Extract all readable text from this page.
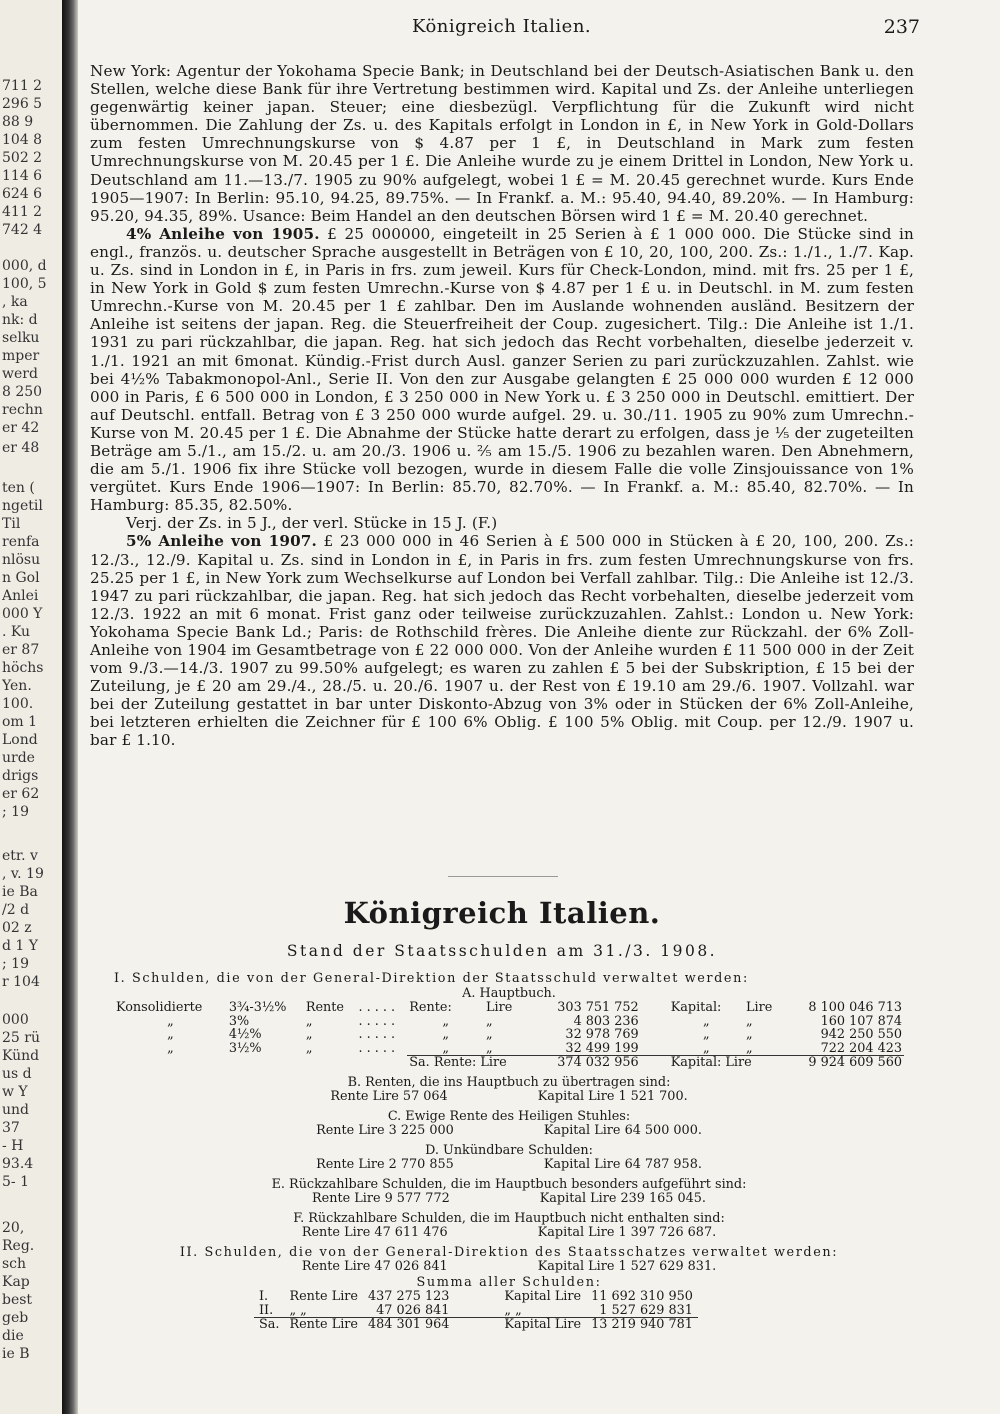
711 2
296 5
88 9
104 8
502 2
114 6
624 6
411 2
742 4
000, d
100, 5
, ka
nk: d
selku
mper
werd
8 250
rechn
er 42
er 48
ten (
ngetil
Til
renfa
nlösu
n Gol
Anlei
000 Y
. Ku
er 87
höchs
Yen.
100.
om 1
Lond
urde
drigs
er 62
; 19
etr. v
, v. 19
ie Ba
/2 d
02 z
d 1 Y
; 19
r 104
000
25 rü
Künd
us d
w Y
und
37
- H
93.4
5- 1
20,
Reg.
sch
Kap
best
geb
die
ie B
Königreich Italien.	237

New York: Agentur der Yokohama Specie Bank; in Deutschland bei der Deutsch-Asiatischen Bank u. den Stellen, welche diese Bank für ihre Vertretung bestimmen wird. Kapital und Zs. der Anleihe unterliegen gegenwärtig keiner japan. Steuer; eine diesbezügl. Verpflichtung für die Zukunft wird nicht übernommen. Die Zahlung der Zs. u. des Kapitals erfolgt in London in £, in New York in Gold-Dollars zum festen Umrechnungskurse von $ 4.87 per 1 £, in Deutschland in Mark zum festen Umrechnungskurse von M. 20.45 per 1 £. Die Anleihe wurde zu je einem Drittel in London, New York u. Deutschland am 11.—13./7. 1905 zu 90% aufgelegt, wobei 1 £ = M. 20.45 gerechnet wurde. Kurs Ende 1905—1907: In Berlin: 95.10, 94.25, 89.75%. — In Frankf. a. M.: 95.40, 94.40, 89.20%. — In Hamburg: 95.20, 94.35, 89%. Usance: Beim Handel an den deutschen Börsen wird 1 £ = M. 20.40 gerechnet.

4% Anleihe von 1905. £ 25 000000, eingeteilt in 25 Serien à £ 1 000 000. Die Stücke sind in engl., französ. u. deutscher Sprache ausgestellt in Beträgen von £ 10, 20, 100, 200. Zs.: 1./1., 1./7. Kap. u. Zs. sind in London in £, in Paris in frs. zum jeweil. Kurs für Check-London, mind. mit frs. 25 per 1 £, in New York in Gold $ zum festen Umrechn.-Kurse von $ 4.87 per 1 £ u. in Deutschl. in M. zum festen Umrechn.-Kurse von M. 20.45 per 1 £ zahlbar. Den im Auslande wohnenden ausländ. Besitzern der Anleihe ist seitens der japan. Reg. die Steuerfreiheit der Coup. zugesichert. Tilg.: Die Anleihe ist 1./1. 1931 zu pari rückzahlbar, die japan. Reg. hat sich jedoch das Recht vorbehalten, dieselbe jederzeit v. 1./1. 1921 an mit 6monat. Kündig.-Frist durch Ausl. ganzer Serien zu pari zurückzuzahlen. Zahlst. wie bei 4½% Tabakmonopol-Anl., Serie II. Von den zur Ausgabe gelangten £ 25 000 000 wurden £ 12 000 000 in Paris, £ 6 500 000 in London, £ 3 250 000 in New York u. £ 3 250 000 in Deutschl. emittiert. Der auf Deutschl. entfall. Betrag von £ 3 250 000 wurde aufgel. 29. u. 30./11. 1905 zu 90% zum Umrechn.-Kurse von M. 20.45 per 1 £. Die Abnahme der Stücke hatte derart zu erfolgen, dass je ⅕ der zugeteilten Beträge am 5./1., am 15./2. u. am 20./3. 1906 u. ⅖ am 15./5. 1906 zu bezahlen waren. Den Abnehmern, die am 5./1. 1906 fix ihre Stücke voll bezogen, wurde in diesem Falle die volle Zinsjouissance von 1% vergütet. Kurs Ende 1906—1907: In Berlin: 85.70, 82.70%. — In Frankf. a. M.: 85.40, 82.70%. — In Hamburg: 85.35, 82.50%.

Verj. der Zs. in 5 J., der verl. Stücke in 15 J. (F.)

5% Anleihe von 1907. £ 23 000 000 in 46 Serien à £ 500 000 in Stücken à £ 20, 100, 200. Zs.: 12./3., 12./9. Kapital u. Zs. sind in London in £, in Paris in frs. zum festen Umrechnungskurse von frs. 25.25 per 1 £, in New York zum Wechselkurse auf London bei Verfall zahlbar. Tilg.: Die Anleihe ist 12./3. 1947 zu pari rückzahlbar, die japan. Reg. hat sich jedoch das Recht vorbehalten, dieselbe jederzeit vom 12./3. 1922 an mit 6 monat. Frist ganz oder teilweise zurückzuzahlen. Zahlst.: London u. New York: Yokohama Specie Bank Ld.; Paris: de Rothschild frères. Die Anleihe diente zur Rückzahl. der 6% Zoll-Anleihe von 1904 im Gesamtbetrage von £ 22 000 000. Von der Anleihe wurden £ 11 500 000 in der Zeit vom 9./3.—14./3. 1907 zu 99.50% aufgelegt; es waren zu zahlen £ 5 bei der Subskription, £ 15 bei der Zuteilung, je £ 20 am 29./4., 28./5. u. 20./6. 1907 u. der Rest von £ 19.10 am 29./6. 1907. Vollzahl. war bei der Zuteilung gestattet in bar unter Diskonto-Abzug von 3% oder in Stücken der 6% Zoll-Anleihe, bei letzteren erhielten die Zeichner für £ 100 6% Oblig. £ 100 5% Oblig. mit Coup. per 12./9. 1907 u. bar £ 1.10.

Königreich Italien.
Stand der Staatsschulden am 31./3. 1908.
I. Schulden, die von der General-Direktion der Staatsschuld verwaltet werden:
A. Hauptbuch.
Konsolidierte	3¾-3½%	Rente	. . . . .	Rente:	Lire	303 751 752	Kapital:	Lire	8 100 046 713
„	3%	„	. . . . .	„	„	4 803 236	„	„	160 107 874
„	4½%	„	. . . . .	„	„	32 978 769	„	„	942 250 550
„	3½%	„	. . . . .	„	„	32 499 199	„	„	722 204 423
				Sa. Rente: Lire		374 032 956	Kapital: Lire		9 924 609 560
B. Renten, die ins Hauptbuch zu übertragen sind:
Rente Lire 57 064	Kapital Lire 1 521 700.
C. Ewige Rente des Heiligen Stuhles:
Rente Lire 3 225 000	Kapital Lire 64 500 000.
D. Unkündbare Schulden:
Rente Lire 2 770 855	Kapital Lire 64 787 958.
E. Rückzahlbare Schulden, die im Hauptbuch besonders aufgeführt sind:
Rente Lire 9 577 772	Kapital Lire 239 165 045.
F. Rückzahlbare Schulden, die im Hauptbuch nicht enthalten sind:
Rente Lire 47 611 476	Kapital Lire 1 397 726 687.
II. Schulden, die von der General-Direktion des Staatsschatzes verwaltet werden:
Rente Lire 47 026 841	Kapital Lire 1 527 629 831.
Summa aller Schulden:
I.	Rente Lire	437 275 123	Kapital Lire	11 692 310 950
II.	„ „	47 026 841	„ „	1 527 629 831
Sa.	Rente Lire	484 301 964	Kapital Lire	13 219 940 781
